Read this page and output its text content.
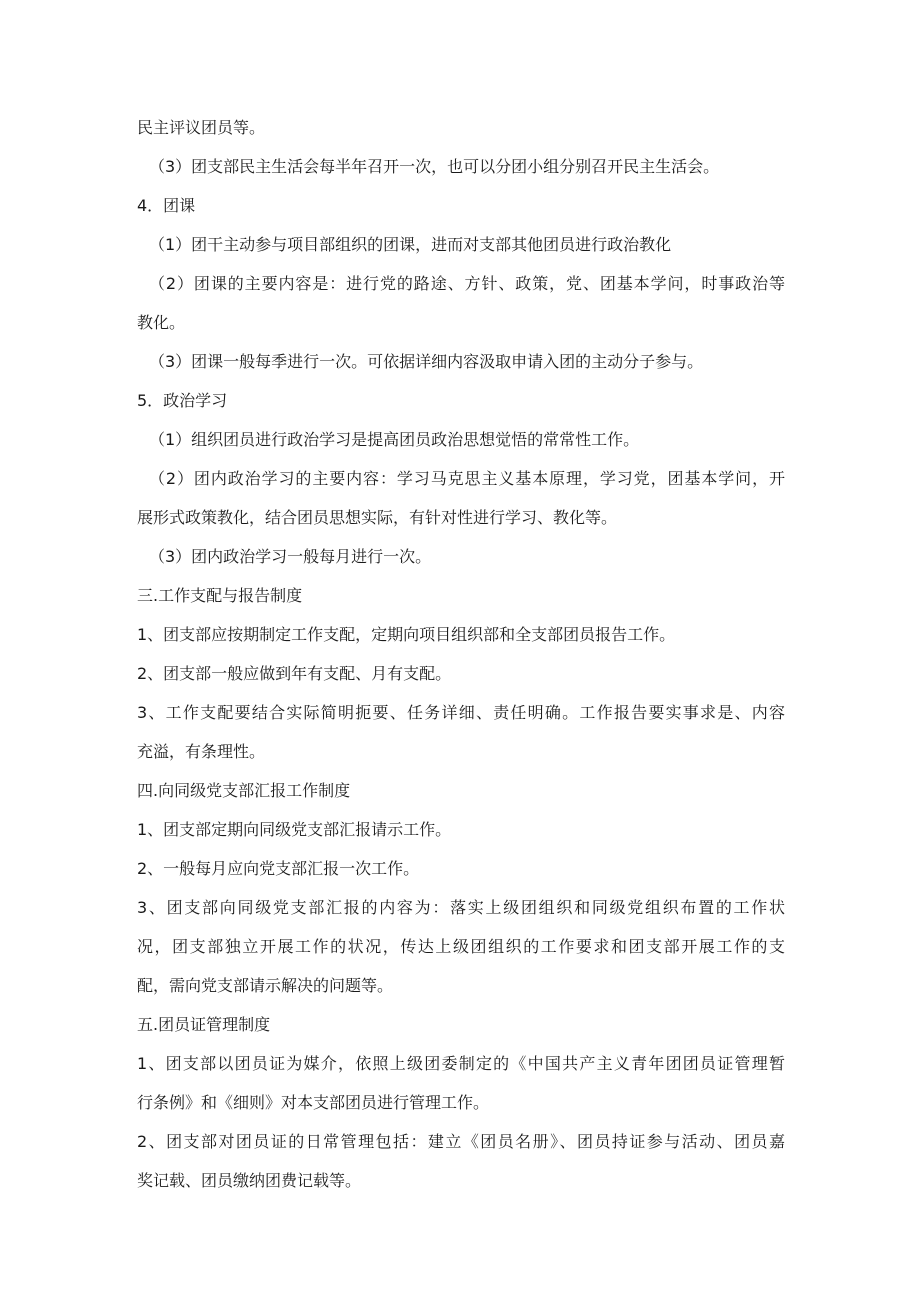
民主评议团员等。
（3）团支部民主生活会每半年召开一次，也可以分团小组分别召开民主生活会。
4．团课
（1）团干主动参与项目部组织的团课，进而对支部其他团员进行政治教化
（2）团课的主要内容是：进行党的路途、方针、政策，党、团基本学问，时事政治等
教化。
（3）团课一般每季进行一次。可依据详细内容汲取申请入团的主动分子参与。
5．政治学习
（1）组织团员进行政治学习是提高团员政治思想觉悟的常常性工作。
（2）团内政治学习的主要内容：学习马克思主义基本原理，学习党，团基本学问，开
展形式政策教化，结合团员思想实际，有针对性进行学习、教化等。
（3）团内政治学习一般每月进行一次。
三.工作支配与报告制度
1、团支部应按期制定工作支配，定期向项目组织部和全支部团员报告工作。
2、团支部一般应做到年有支配、月有支配。
3、工作支配要结合实际简明扼要、任务详细、责任明确。工作报告要实事求是、内容
充溢，有条理性。
四.向同级党支部汇报工作制度
1、团支部定期向同级党支部汇报请示工作。
2、一般每月应向党支部汇报一次工作。
3、团支部向同级党支部汇报的内容为：落实上级团组织和同级党组织布置的工作状
况，团支部独立开展工作的状况，传达上级团组织的工作要求和团支部开展工作的支
配，需向党支部请示解决的问题等。
五.团员证管理制度
1、团支部以团员证为媒介，依照上级团委制定的《中国共产主义青年团团员证管理暂
行条例》和《细则》对本支部团员进行管理工作。
2、团支部对团员证的日常管理包括：建立《团员名册》、团员持证参与活动、团员嘉
奖记载、团员缴纳团费记载等。
